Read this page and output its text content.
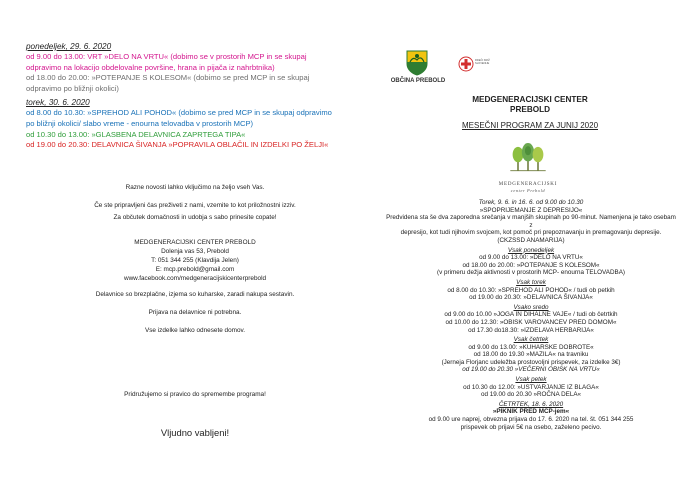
ponedeljek, 29. 6. 2020
od 9.00 do 13.00: VRT »DELO NA VRTU« (dobimo se v prostorih MCP in se skupaj
odpravimo na lokacijo obdelovalne površine, hrana in pijača iz nahrbtnika)
od 18.00 do 20.00: »POTEPANJE S KOLESOM« (dobimo se pred MCP in se skupaj
odpravimo po bližnji okolici)
torek, 30. 6. 2020
od 8.00 do 10.30: »SPREHOD ALI POHOD« (dobimo se pred MCP in se skupaj odpravimo
po bližnji okolici/ slabo vreme - enourna telovadba v prostorih MCP)
od 10.30 do 13.00: »GLASBENA DELAVNICA ZAPRTEGA TIPA«
od 19.00 do 20.30: DELAVNICA ŠIVANJA »POPRAVILA OBLAČIL IN IZDELKI PO ŽELJI«
Razne novosti lahko vključimo na željo vseh Vas.
Če ste pripravljeni čas preživeti z nami, vzemite to kot priložnostni izziv.
Za občutek domačnosti in udobja s sabo prinesite copate!
MEDGENERACIJSKI CENTER PREBOLD
Dolenja vas 53, Prebold
T: 051 344 255 (Klavdija Jelen)
E: mcp.prebold@gmail.com
www.facebook.com/medgeneracijskicenterprebold
Delavnice so brezplačne, izjema so kuharske, zaradi nakupa sestavin.
Prijava na delavnice ni potrebna.
Vse izdelke lahko odnesete domov.
Pridružujemo si pravico do spremembe programa!
Vljudno vabljeni!
OBČINA PREBOLD
RDEČI KRIŽ SLOVENIJE
MEDGENERACIJSKI CENTER
PREBOLD
MESEČNI PROGRAM ZA JUNIJ 2020
MEDGENERACIJSKI
center Prebold
Torek, 9. 6. in 16. 6. od 9.00 do 10.30
»SPOPRIJEMANJE Z DEPRESIJO«
Predvidena sta še dva zaporedna srečanja v manjših skupinah po 90-minut. Namenjena je tako osebam z
depresijo, kot tudi njihovim svojcem, kot pomoč pri prepoznavanju in premagovanju depresije.
(CKZSSD ANAMARIJA)
Vsak ponedeljek
od 9.00 do 13.00: »DELO NA VRTU«
od 18.00 do 20.00: »POTEPANJE S KOLESOM«
(v primeru dežja aktivnosti v prostorih MCP- enourna TELOVADBA)
Vsak torek
od 8.00 do 10.30: »SPREHOD ALI POHOD« / tudi ob petkih
od 19.00 do 20.30: »DELAVNICA ŠIVANJA«
Vsako sredo
od 9.00 do 10.00 »JOGA IN DIHALNE VAJE« / tudi ob četrtkih
od 10.00 do 12.30: »OBISK VAROVANCEV PRED DOMOM«
od 17.30 do18.30: »IZDELAVA HERBARIJA«
Vsak četrtek
od 9.00 do 13.00: »KUHARSKE DOBROTE«
od 18.00 do 19.30 »MAZILA« na travniku
(Jerneja Florjanc udeležba prostovoljni prispevek, za izdelke 3€)
od 19.00 do 20.30 »VEČERNI OBISK NA VRTU«
Vsak petek
od 10.30 do 12.00: »USTVARJANJE IZ BLAGA«
od 19.00 do 20.30 »ROČNA DELA«
ČETRTEK, 18. 6. 2020
»PIKNIK PRED MCP-jem«
od 9.00 ure naprej, obvezna prijava do 17. 6. 2020 na tel. št. 051 344 255
prispevek ob prijavi 5€ na osebo, zaželeno pecivo.
